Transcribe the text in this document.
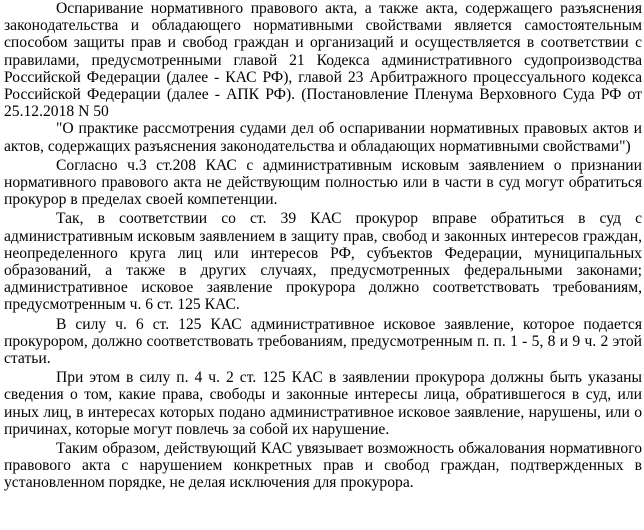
Оспаривание нормативного правового акта, а также акта, содержащего разъяснения законодательства и обладающего нормативными свойствами является самостоятельным способом защиты прав и свобод граждан и организаций и осуществляется в соответствии с правилами, предусмотренными главой 21 Кодекса административного судопроизводства Российской Федерации (далее - КАС РФ), главой 23 Арбитражного процессуального кодекса Российской Федерации (далее - АПК РФ). (Постановление Пленума Верховного Суда РФ от 25.12.2018 N 50

"О практике рассмотрения судами дел об оспаривании нормативных правовых актов и актов, содержащих разъяснения законодательства и обладающих нормативными свойствами")

Согласно ч.3 ст.208 КАС с административным исковым заявлением о признании нормативного правового акта не действующим полностью или в части в суд могут обратиться прокурор в пределах своей компетенции.

Так, в соответствии со ст. 39 КАС прокурор вправе обратиться в суд с административным исковым заявлением в защиту прав, свобод и законных интересов граждан, неопределенного круга лиц или интересов РФ, субъектов Федерации, муниципальных образований, а также в других случаях, предусмотренных федеральными законами; административное исковое заявление прокурора должно соответствовать требованиям, предусмотренным ч. 6 ст. 125 КАС.

В силу ч. 6 ст. 125 КАС административное исковое заявление, которое подается прокурором, должно соответствовать требованиям, предусмотренным п. п. 1 - 5, 8 и 9 ч. 2 этой статьи.

При этом в силу п. 4 ч. 2 ст. 125 КАС в заявлении прокурора должны быть указаны сведения о том, какие права, свободы и законные интересы лица, обратившегося в суд, или иных лиц, в интересах которых подано административное исковое заявление, нарушены, или о причинах, которые могут повлечь за собой их нарушение.

Таким образом, действующий КАС увязывает возможность обжалования нормативного правового акта с нарушением конкретных прав и свобод граждан, подтвержденных в установленном порядке, не делая исключения для прокурора.
